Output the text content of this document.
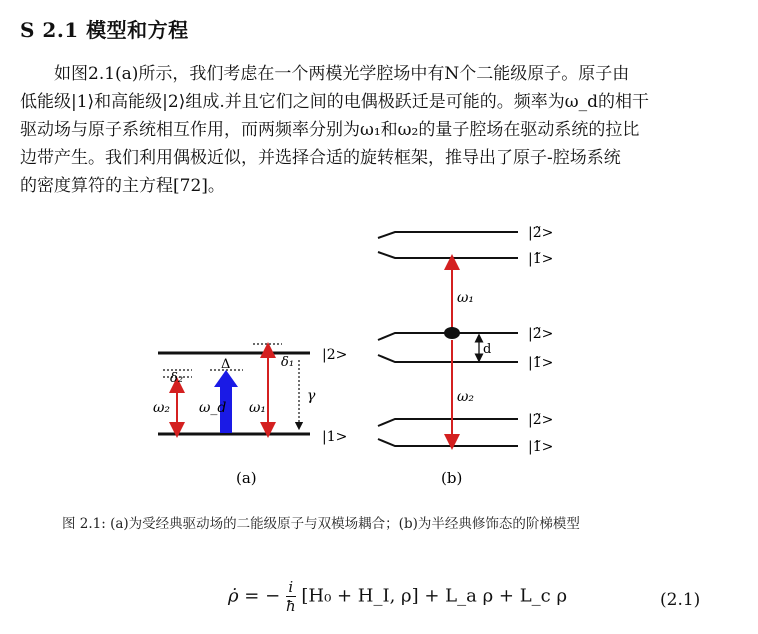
S 2.1 模型和方程
如图2.1(a)所示，我们考虑在一个两模光学腔场中有N个二能级原子。原子由
低能级|1⟩和高能级|2⟩组成.并且它们之间的电偶极跃迁是可能的。频率为ω_d的相干
驱动场与原子系统相互作用，而两频率分别为ω₁和ω₂的量子腔场在驱动系统的拉比
边带产生。我们利用偶极近似，并选择合适的旋转框架，推导出了原子-腔场系统
的密度算符的主方程[72]。
|2>
|1>
δ₂
Δ	δ₁
ω₂ ω_d ω₁
γ
(a)
|2̃>
|1̃>
|2̃>
|1̃>
|2̃>
|1̃>
ω₁
ω₂
d
(b)
图 2.1: (a)为受经典驱动场的二能级原子与双模场耦合；(b)为半经典修饰态的阶梯模型
ρ̇ = − $\frac{i}{ħ} [H_0$ + H_I, ρ] + L_a ρ + L_c ρ	(2.1)
